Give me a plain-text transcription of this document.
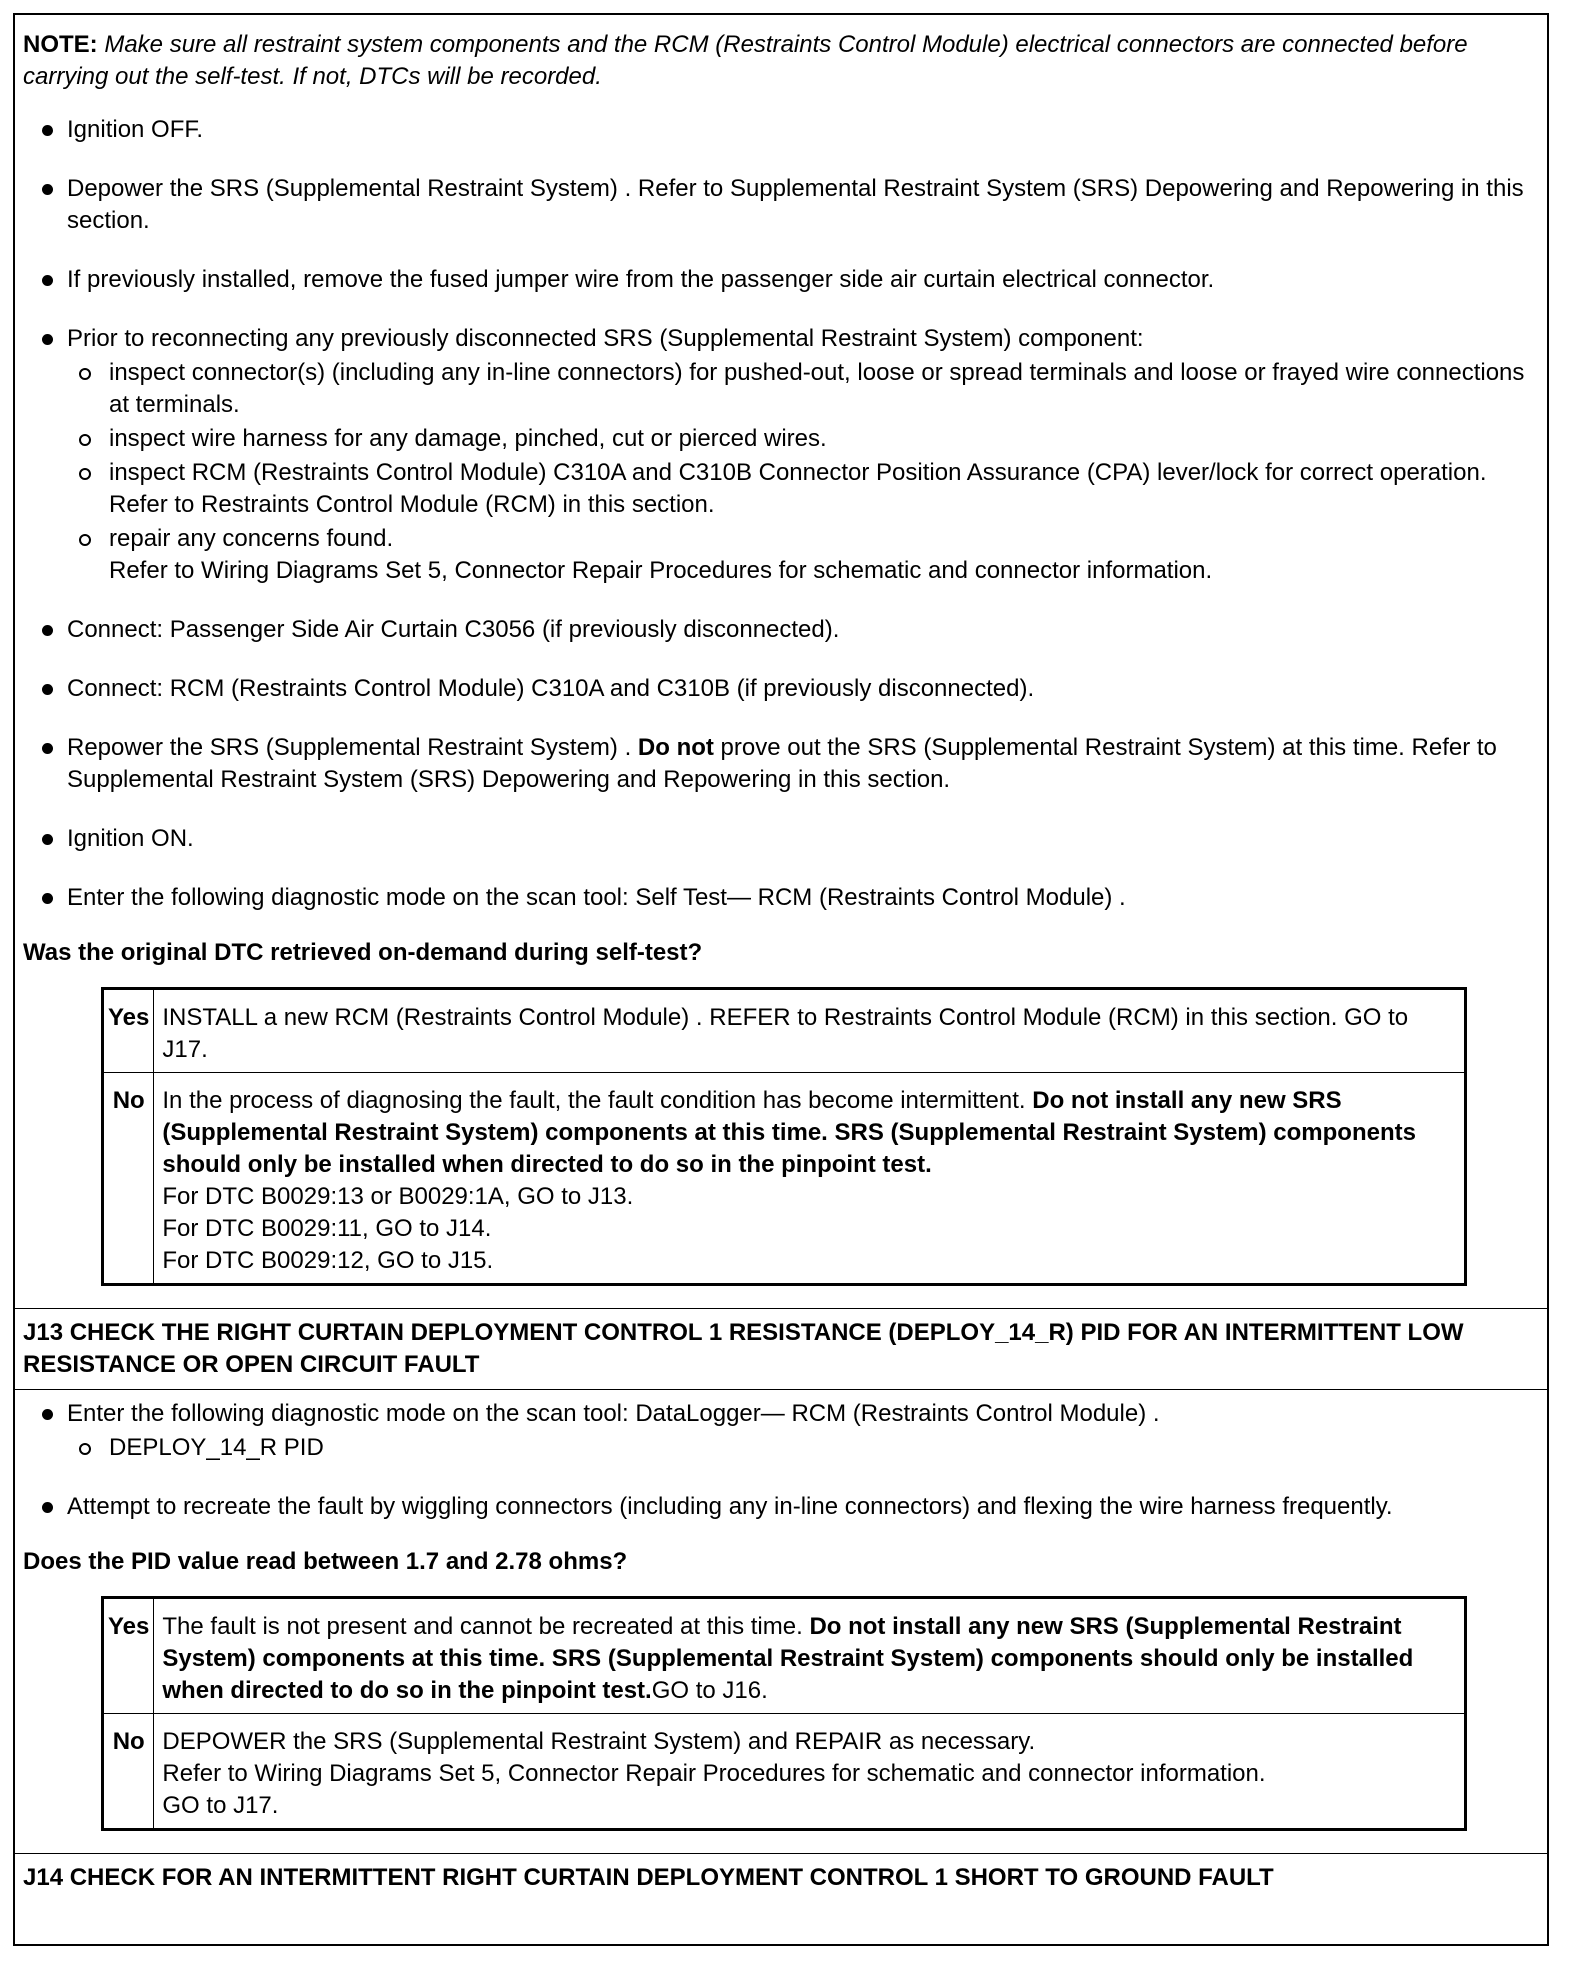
NOTE: Make sure all restraint system components and the RCM (Restraints Control Module) electrical connectors are connected before carrying out the self-test. If not, DTCs will be recorded.
Ignition OFF.
Depower the SRS (Supplemental Restraint System) . Refer to Supplemental Restraint System (SRS) Depowering and Repowering in this section.
If previously installed, remove the fused jumper wire from the passenger side air curtain electrical connector.
Prior to reconnecting any previously disconnected SRS (Supplemental Restraint System) component:
inspect connector(s) (including any in-line connectors) for pushed-out, loose or spread terminals and loose or frayed wire connections at terminals.
inspect wire harness for any damage, pinched, cut or pierced wires.
inspect RCM (Restraints Control Module) C310A and C310B Connector Position Assurance (CPA) lever/lock for correct operation. Refer to Restraints Control Module (RCM) in this section.
repair any concerns found.
Refer to Wiring Diagrams Set 5, Connector Repair Procedures for schematic and connector information.
Connect: Passenger Side Air Curtain C3056 (if previously disconnected).
Connect: RCM (Restraints Control Module) C310A and C310B (if previously disconnected).
Repower the SRS (Supplemental Restraint System) . Do not prove out the SRS (Supplemental Restraint System) at this time. Refer to Supplemental Restraint System (SRS) Depowering and Repowering in this section.
Ignition ON.
Enter the following diagnostic mode on the scan tool: Self Test— RCM (Restraints Control Module) .
Was the original DTC retrieved on-demand during self-test?
Yes	INSTALL a new RCM (Restraints Control Module) . REFER to Restraints Control Module (RCM) in this section. GO to J17.
No	In the process of diagnosing the fault, the fault condition has become intermittent. Do not install any new SRS (Supplemental Restraint System) components at this time. SRS (Supplemental Restraint System) components should only be installed when directed to do so in the pinpoint test.
For DTC B0029:13 or B0029:1A, GO to J13.
For DTC B0029:11, GO to J14.
For DTC B0029:12, GO to J15.
J13 CHECK THE RIGHT CURTAIN DEPLOYMENT CONTROL 1 RESISTANCE (DEPLOY_14_R) PID FOR AN INTERMITTENT LOW RESISTANCE OR OPEN CIRCUIT FAULT
Enter the following diagnostic mode on the scan tool: DataLogger— RCM (Restraints Control Module) .
DEPLOY_14_R PID
Attempt to recreate the fault by wiggling connectors (including any in-line connectors) and flexing the wire harness frequently.
Does the PID value read between 1.7 and 2.78 ohms?
Yes	The fault is not present and cannot be recreated at this time. Do not install any new SRS (Supplemental Restraint System) components at this time. SRS (Supplemental Restraint System) components should only be installed when directed to do so in the pinpoint test.GO to J16.
No	DEPOWER the SRS (Supplemental Restraint System) and REPAIR as necessary.
Refer to Wiring Diagrams Set 5, Connector Repair Procedures for schematic and connector information.
GO to J17.
J14 CHECK FOR AN INTERMITTENT RIGHT CURTAIN DEPLOYMENT CONTROL 1 SHORT TO GROUND FAULT
